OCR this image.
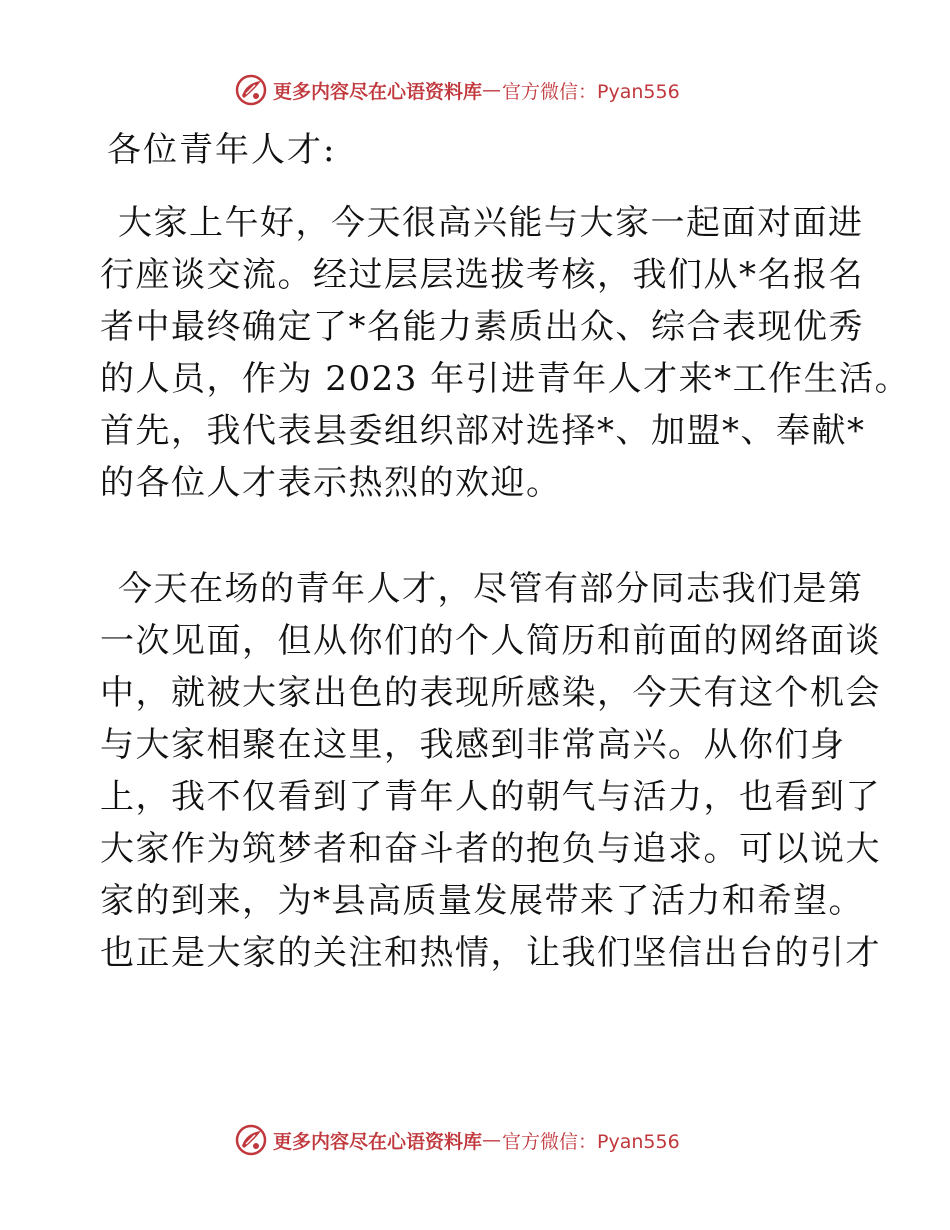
更多内容尽在心语资料库 — 官方微信：Pyan556
各位青年人才:
大家上午好，今天很高兴能与大家一起面对面进
行座谈交流。经过层层选拔考核，我们从*名报名
者中最终确定了*名能力素质出众、综合表现优秀
的人员，作为 2023 年引进青年人才来*工作生活。
首先，我代表县委组织部对选择*、加盟*、奉献*
的各位人才表示热烈的欢迎。
今天在场的青年人才，尽管有部分同志我们是第
一次见面，但从你们的个人简历和前面的网络面谈
中，就被大家出色的表现所感染，今天有这个机会
与大家相聚在这里，我感到非常高兴。从你们身
上，我不仅看到了青年人的朝气与活力，也看到了
大家作为筑梦者和奋斗者的抱负与追求。可以说大
家的到来，为*县高质量发展带来了活力和希望。
也正是大家的关注和热情，让我们坚信出台的引才
更多内容尽在心语资料库 — 官方微信：Pyan556
